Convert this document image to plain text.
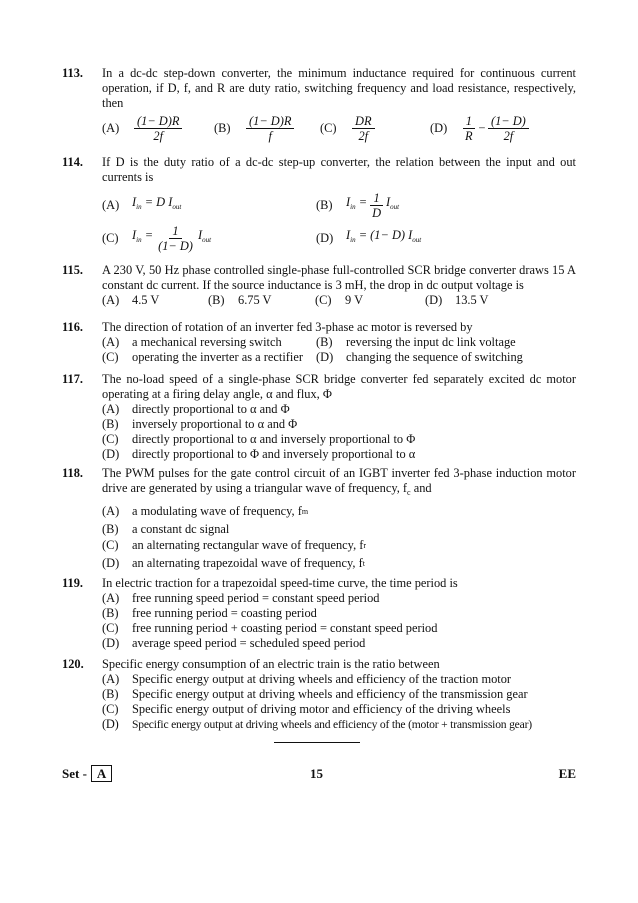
113. In a dc-dc step-down converter, the minimum inductance required for continuous current operation, if D, f, and R are duty ratio, switching frequency and load resistance, respectively, then
(A)	$\frac{(1- D)R}{2f}$	(B)	$\frac{(1- D)R}{f} (C)$	$\frac{DR}{2f}$	(D)	$\frac{1}{R} - \frac{(1- D)}{2f}$
114. If D is the duty ratio of a dc-dc step-up converter, the relation between the input and out currents is
(A)	$I_{in} = D$ $I_{out}$	(B)	$I_{in} = \frac{1}{D} I_{out}$
(C)	$I_{in} = \frac{1}{(1- D)} I_{out}$	(D)	$I_{in} = (1- D)$ $I_{out}$
115. A 230 V, 50 Hz phase controlled single-phase full-controlled SCR bridge converter draws 15 A constant dc current. If the source inductance is 3 mH, the drop in dc output voltage is
(A)	4.5 V	(B)	6.75 V	(C)	9 V	(D)	13.5 V
116. The direction of rotation of an inverter fed 3-phase ac motor is reversed by
(A)	a mechanical reversing switch	(B)	reversing the input dc link voltage
(C)	operating the inverter as a rectifier (D)	changing the sequence of switching
117. The no-load speed of a single-phase SCR bridge converter fed separately excited dc motor operating at a firing delay angle, α and flux, Φ
(A)	directly proportional to α and Φ
(B)	inversely proportional to α and Φ
(C)	directly proportional to α and inversely proportional to Φ
(D)	directly proportional to Φ and inversely proportional to α
118. The PWM pulses for the gate control circuit of an IGBT inverter fed 3-phase induction motor drive are generated by using a triangular wave of frequency, $f_c$ and
(A)	a modulating wave of frequency, f m
(B)	a constant dc signal
(C)	an alternating rectangular wave of frequency, f r
(D)	an alternating trapezoidal wave of frequency, f t
119. In electric traction for a trapezoidal speed-time curve, the time period is
(A)	free running speed period = constant speed period
(B)	free running period = coasting period
(C)	free running period + coasting period = constant speed period
(D)	average speed period = scheduled speed period
120. Specific energy consumption of an electric train is the ratio between
(A)	Specific energy output at driving wheels and efficiency of the traction motor
(B)	Specific energy output at driving wheels and efficiency of the transmission gear
(C)	Specific energy output of driving motor and efficiency of the driving wheels
(D)	Specific energy output at driving wheels and efficiency of the (motor + transmission gear)
Set - A	15	EE
